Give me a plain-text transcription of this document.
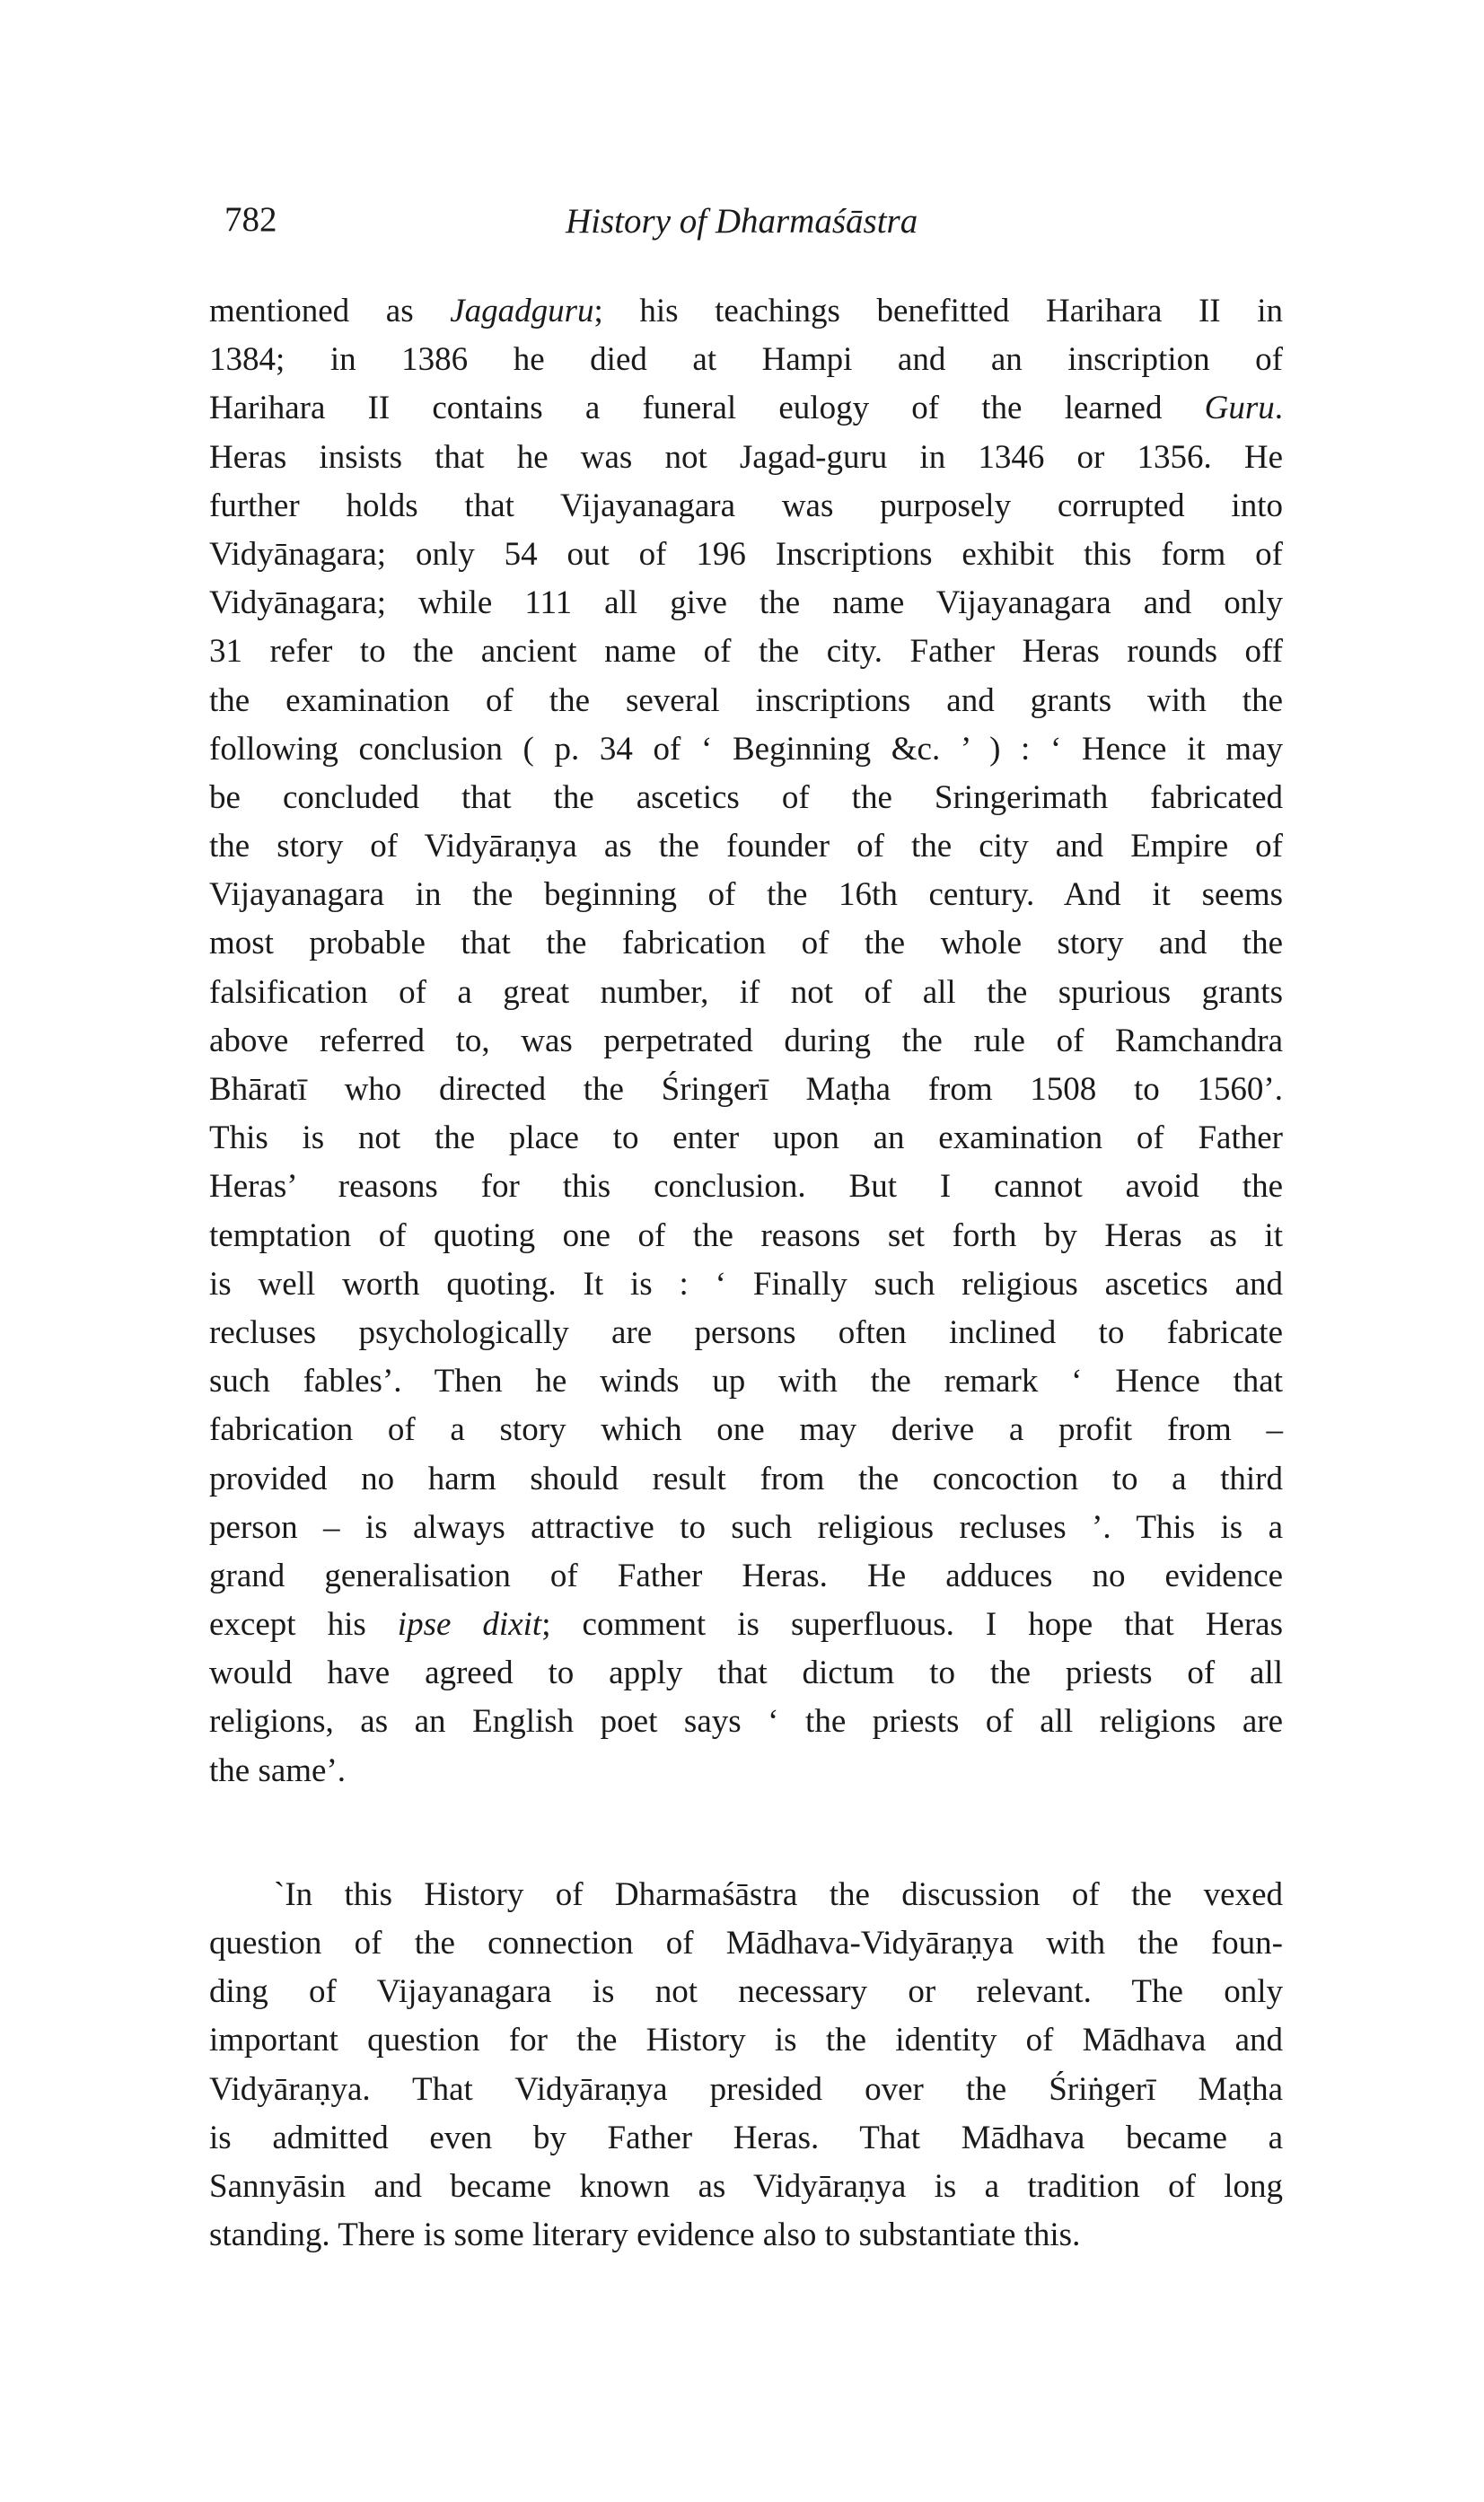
782	History of Dharmaśāstra
mentioned as Jagadguru; his teachings benefitted Harihara II in
1384; in 1386 he died at Hampi and an inscription of
Harihara II contains a funeral eulogy of the learned Guru.
Heras insists that he was not Jagad-guru in 1346 or 1356. He
further holds that Vijayanagara was purposely corrupted into
Vidyānagara; only 54 out of 196 Inscriptions exhibit this form of
Vidyānagara; while 111 all give the name Vijayanagara and only
31 refer to the ancient name of the city. Father Heras rounds off
the examination of the several inscriptions and grants with the
following conclusion ( p. 34 of ‘ Beginning &c. ’ ) : ‘ Hence it may
be concluded that the ascetics of the Sringerimath fabricated
the story of Vidyāraṇya as the founder of the city and Empire of
Vijayanagara in the beginning of the 16th century. And it seems
most probable that the fabrication of the whole story and the
falsification of a great number, if not of all the spurious grants
above referred to, was perpetrated during the rule of Ramchandra
Bhāratī who directed the Śringerī Maṭha from 1508 to 1560’.
This is not the place to enter upon an examination of Father
Heras’ reasons for this conclusion. But I cannot avoid the
temptation of quoting one of the reasons set forth by Heras as it
is well worth quoting. It is : ‘ Finally such religious ascetics and
recluses psychologically are persons often inclined to fabricate
such fables’. Then he winds up with the remark ‘ Hence that
fabrication of a story which one may derive a profit from –
provided no harm should result from the concoction to a third
person – is always attractive to such religious recluses ’. This is a
grand generalisation of Father Heras. He adduces no evidence
except his ipse dixit; comment is superfluous. I hope that Heras
would have agreed to apply that dictum to the priests of all
religions, as an English poet says ‘ the priests of all religions are
the same’.
`In this History of Dharmaśāstra the discussion of the vexed
question of the connection of Mādhava-Vidyāraṇya with the foun-
ding of Vijayanagara is not necessary or relevant. The only
important question for the History is the identity of Mādhava and
Vidyāraṇya. That Vidyāraṇya presided over the Śriṅgerī Maṭha
is admitted even by Father Heras. That Mādhava became a
Sannyāsin and became known as Vidyāraṇya is a tradition of long
standing. There is some literary evidence also to substantiate this.
